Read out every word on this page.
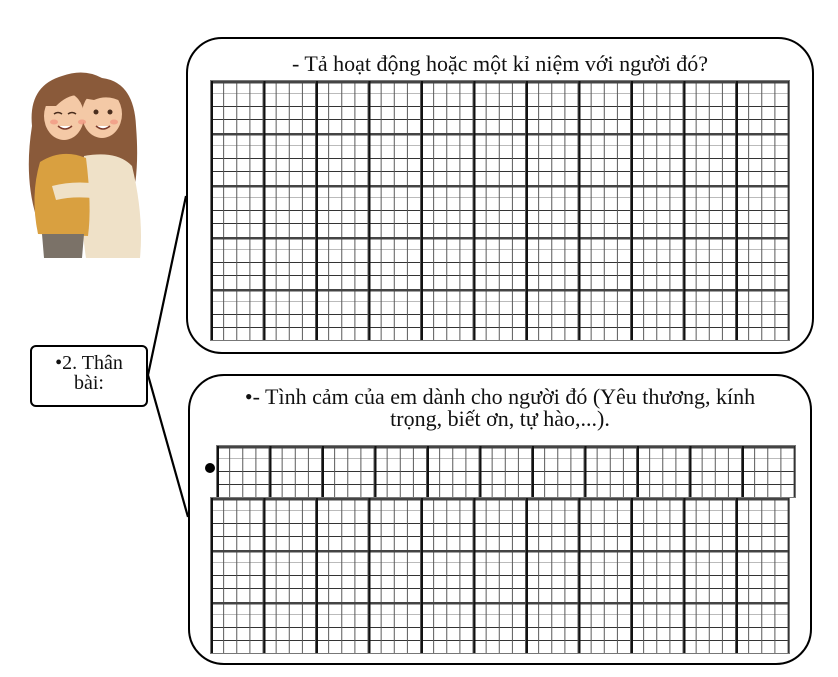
•2. Thân
bài:
- Tả hoạt động hoặc một kỉ niệm với người đó?
•- Tình cảm của em dành cho người đó (Yêu thương, kính
trọng, biết ơn, tự hào,...).
